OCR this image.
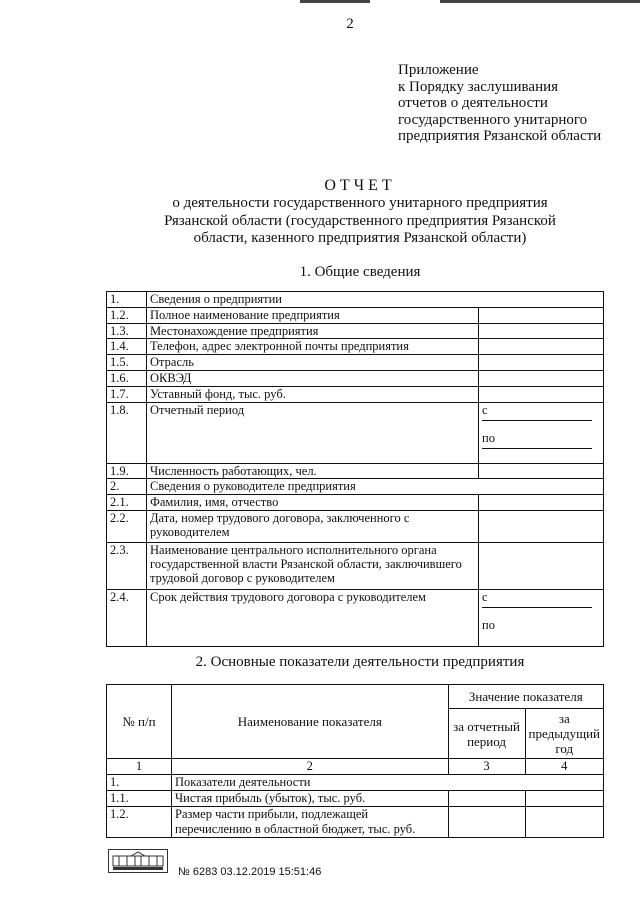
2
Приложение
к Порядку заслушивания
отчетов о деятельности
государственного унитарного
предприятия Рязанской области
ОТЧЕТ
о деятельности государственного унитарного предприятия Рязанской области (государственного предприятия Рязанской области, казенного предприятия Рязанской области)
1. Общие сведения
1.	Сведения о предприятии	
1.2.	Полное наименование предприятия	
1.3.	Местонахождение предприятия	
1.4.	Телефон, адрес электронной почты предприятия	
1.5.	Отрасль	
1.6.	ОКВЭД	
1.7.	Уставный фонд, тыс. руб.	
1.8.	Отчетный период	с
по

1.9.	Численность работающих, чел.	
2.	Сведения о руководителе предприятия	
2.1.	Фамилия, имя, отчество	
2.2.	Дата, номер трудового договора, заключенного с руководителем	
2.3.	Наименование центрального исполнительного органа государственной власти Рязанской области, заключившего трудовой договор с руководителем	
2.4.	Срок действия трудового договора с руководителем	с
по
2. Основные показатели деятельности предприятия
№ п/п	Наименование показателя	Значение показателя	
		за отчетный период	за предыдущий год
1	2	3	4
1.	Показатели деятельности		
1.1.	Чистая прибыль (убыток), тыс. руб.		
1.2.	Размер части прибыли, подлежащей перечислению в областной бюджет, тыс. руб.		
№ 6283 03.12.2019 15:51:46
